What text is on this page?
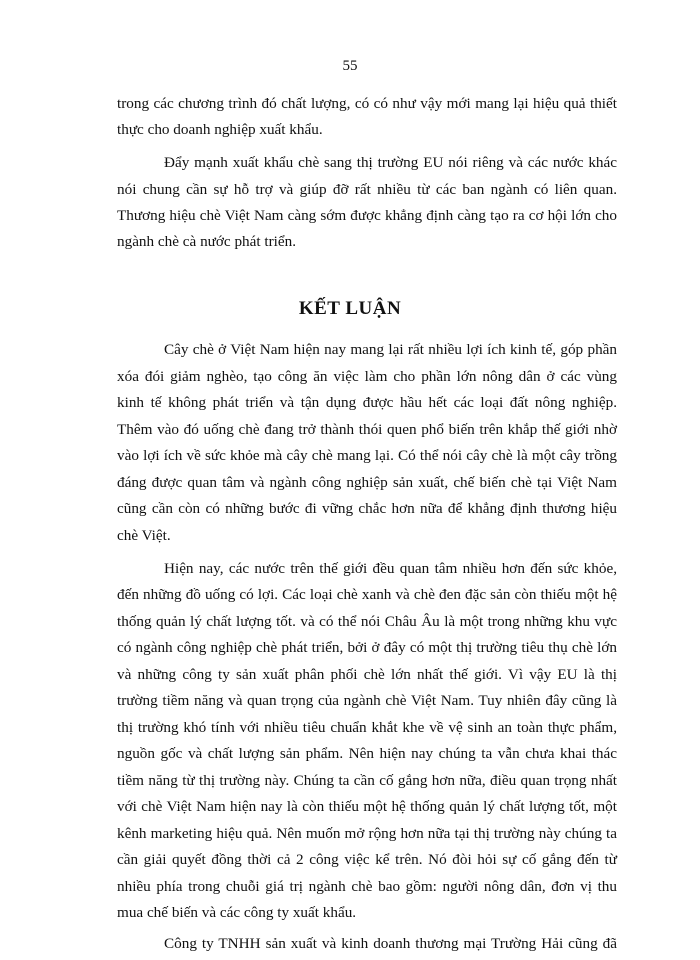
55
trong các chương trình đó chất lượng, có có như vậy mới mang lại hiệu quả thiết
thực cho doanh nghiệp xuất khẩu.
Đẩy mạnh xuất khẩu chè sang thị trường EU nói riêng và các nước khác
nói chung cần sự hỗ trợ và giúp đỡ rất nhiều từ các ban ngành có liên quan.
Thương hiệu chè Việt Nam càng sớm được khẳng định càng tạo ra cơ hội lớn cho
ngành chè cà nước phát triển.
KẾT LUẬN
Cây chè ở Việt Nam hiện nay mang lại rất nhiều lợi ích kinh tế, góp phần
xóa đói giảm nghèo, tạo công ăn việc làm cho phần lớn nông dân ở các vùng
kinh tế không phát triển và tận dụng được hầu hết các loại đất nông nghiệp.
Thêm vào đó uống chè đang trở thành thói quen phổ biến trên khắp thế giới nhờ
vào lợi ích về sức khỏe mà cây chè mang lại. Có thể nói cây chè là một cây trồng
đáng được quan tâm và ngành công nghiệp sản xuất, chế biến chè tại Việt Nam
cũng cần còn có những bước đi vững chắc hơn nữa để khẳng định thương hiệu
chè Việt.
Hiện nay, các nước trên thế giới đều quan tâm nhiều hơn đến sức khỏe,
đến những đồ uống có lợi. Các loại chè xanh và chè đen đặc sản còn thiếu một hệ
thống quản lý chất lượng tốt. và có thể nói Châu Âu là một trong những khu vực
có ngành công nghiệp chè phát triển, bởi ở đây có một thị trường tiêu thụ chè lớn
và những công ty sản xuất phân phối chè lớn nhất thế giới. Vì vậy EU là thị
trường tiềm năng và quan trọng của ngành chè Việt Nam. Tuy nhiên đây cũng là
thị trường khó tính với nhiều tiêu chuẩn khắt khe về vệ sinh an toàn thực phẩm,
nguồn gốc và chất lượng sản phẩm. Nên hiện nay chúng ta vẫn chưa khai thác
tiềm năng từ thị trường này. Chúng ta cần cố gắng hơn nữa, điều quan trọng nhất
với chè Việt Nam hiện nay là còn thiếu một hệ thống quản lý chất lượng tốt, một
kênh marketing hiệu quả. Nên muốn mở rộng hơn nữa tại thị trường này chúng ta
cần giải quyết đồng thời cả 2 công việc kể trên. Nó đòi hỏi sự cố gắng đến từ
nhiều phía trong chuỗi giá trị ngành chè bao gồm: người nông dân, đơn vị thu
mua chế biến và các công ty xuất khẩu.
Công ty TNHH sản xuất và kinh doanh thương mại Trường Hải cũng đã
